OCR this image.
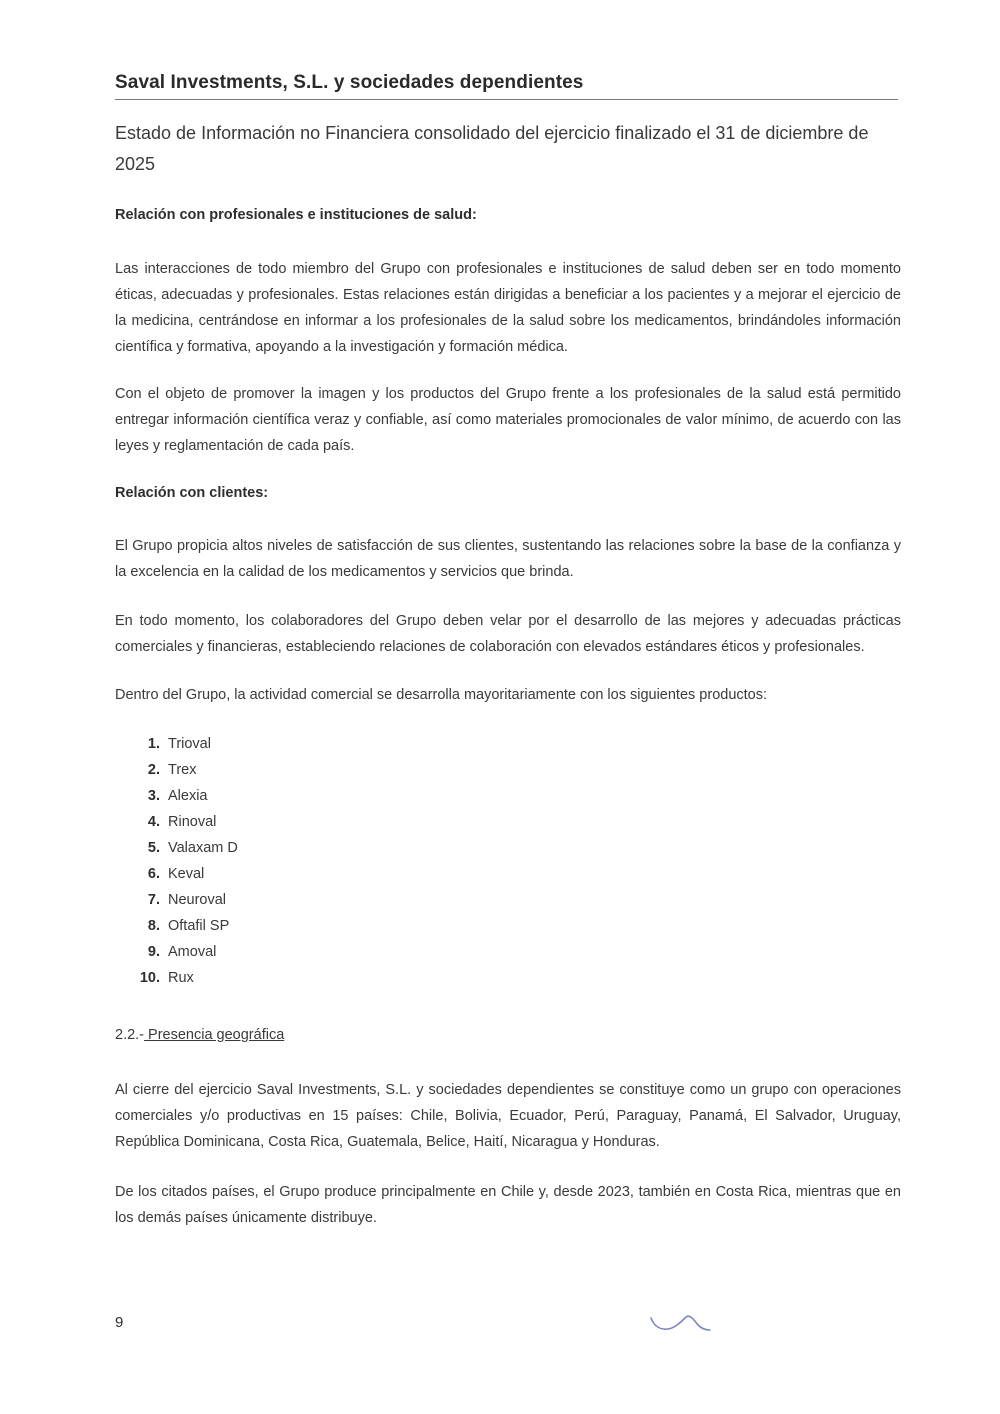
Saval Investments, S.L. y sociedades dependientes
Estado de Información no Financiera consolidado del ejercicio finalizado el 31 de diciembre de 2025
Relación con profesionales e instituciones de salud:
Las interacciones de todo miembro del Grupo con profesionales e instituciones de salud deben ser en todo momento éticas, adecuadas y profesionales. Estas relaciones están dirigidas a beneficiar a los pacientes y a mejorar el ejercicio de la medicina, centrándose en informar a los profesionales de la salud sobre los medicamentos, brindándoles información científica y formativa, apoyando a la investigación y formación médica.
Con el objeto de promover la imagen y los productos del Grupo frente a los profesionales de la salud está permitido entregar información científica veraz y confiable, así como materiales promocionales de valor mínimo, de acuerdo con las leyes y reglamentación de cada país.
Relación con clientes:
El Grupo propicia altos niveles de satisfacción de sus clientes, sustentando las relaciones sobre la base de la confianza y la excelencia en la calidad de los medicamentos y servicios que brinda.
En todo momento, los colaboradores del Grupo deben velar por el desarrollo de las mejores y adecuadas prácticas comerciales y financieras, estableciendo relaciones de colaboración con elevados estándares éticos y profesionales.
Dentro del Grupo, la actividad comercial se desarrolla mayoritariamente con los siguientes productos:
1. Trioval
2. Trex
3. Alexia
4. Rinoval
5. Valaxam D
6. Keval
7. Neuroval
8. Oftafil SP
9. Amoval
10. Rux
2.2.- Presencia geográfica
Al cierre del ejercicio Saval Investments, S.L. y sociedades dependientes se constituye como un grupo con operaciones comerciales y/o productivas en 15 países: Chile, Bolivia, Ecuador, Perú, Paraguay, Panamá, El Salvador, Uruguay, República Dominicana, Costa Rica, Guatemala, Belice, Haití, Nicaragua y Honduras.
De los citados países, el Grupo produce principalmente en Chile y, desde 2023, también en Costa Rica, mientras que en los demás países únicamente distribuye.
9
